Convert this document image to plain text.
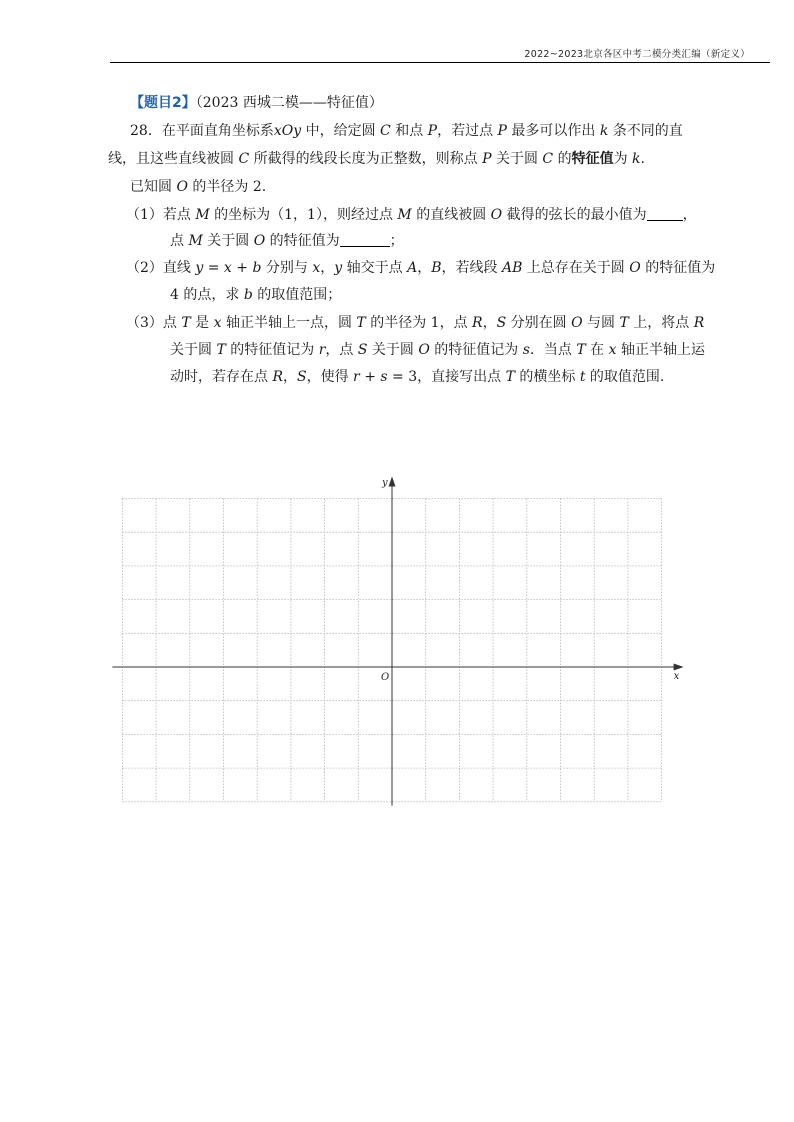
2022~2023北京各区中考二模分类汇编（新定义）
【题目2】（2023 西城二模——特征值）
28．在平面直角坐标系xOy 中，给定圆 C 和点 P，若过点 P 最多可以作出 k 条不同的直
线，且这些直线被圆 C 所截得的线段长度为正整数，则称点 P 关于圆 C 的特征值为 k.
已知圆 O 的半径为 2.
（1）若点 M 的坐标为（1，1），则经过点 M 的直线被圆 O 截得的弦长的最小值为	，
点 M 关于圆 O 的特征值为	；
（2）直线 y = x + b 分别与 x，y 轴交于点 A，B，若线段 AB 上总存在关于圆 O 的特征值为
4 的点，求 b 的取值范围；
（3）点 T 是 x 轴正半轴上一点，圆 T 的半径为 1，点 R，S 分别在圆 O 与圆 T 上，将点 R
关于圆 T 的特征值记为 r，点 S 关于圆 O 的特征值记为 s．当点 T 在 x 轴正半轴上运
动时，若存在点 R，S，使得 r + s = 3，直接写出点 T 的横坐标 t 的取值范围.
x
y
O
